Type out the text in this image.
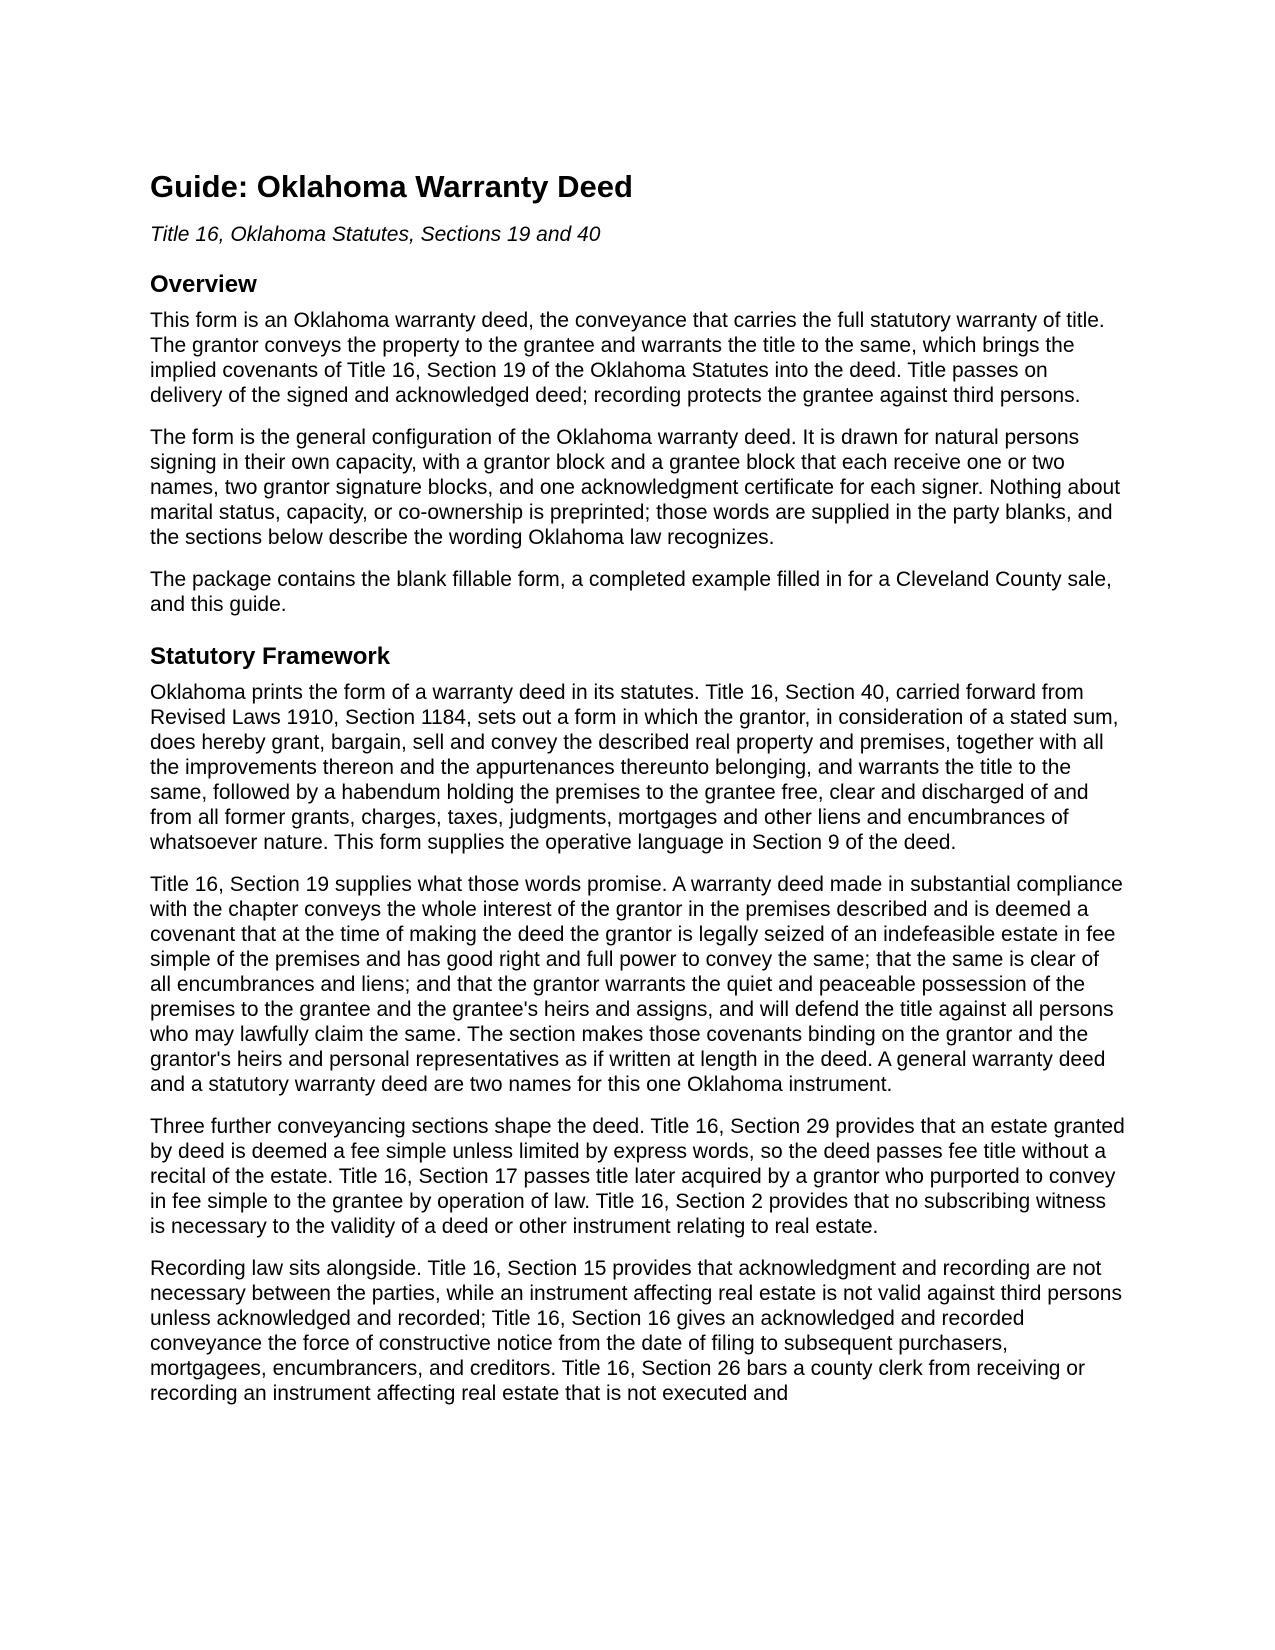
Guide: Oklahoma Warranty Deed
Title 16, Oklahoma Statutes, Sections 19 and 40
Overview

This form is an Oklahoma warranty deed, the conveyance that carries the full statutory warranty of title. The grantor conveys the property to the grantee and warrants the title to the same, which brings the implied covenants of Title 16, Section 19 of the Oklahoma Statutes into the deed. Title passes on delivery of the signed and acknowledged deed; recording protects the grantee against third persons.

The form is the general configuration of the Oklahoma warranty deed. It is drawn for natural persons signing in their own capacity, with a grantor block and a grantee block that each receive one or two names, two grantor signature blocks, and one acknowledgment certificate for each signer. Nothing about marital status, capacity, or co-ownership is preprinted; those words are supplied in the party blanks, and the sections below describe the wording Oklahoma law recognizes.

The package contains the blank fillable form, a completed example filled in for a Cleveland County sale, and this guide.

Statutory Framework

Oklahoma prints the form of a warranty deed in its statutes. Title 16, Section 40, carried forward from Revised Laws 1910, Section 1184, sets out a form in which the grantor, in consideration of a stated sum, does hereby grant, bargain, sell and convey the described real property and premises, together with all the improvements thereon and the appurtenances thereunto belonging, and warrants the title to the same, followed by a habendum holding the premises to the grantee free, clear and discharged of and from all former grants, charges, taxes, judgments, mortgages and other liens and encumbrances of whatsoever nature. This form supplies the operative language in Section 9 of the deed.

Title 16, Section 19 supplies what those words promise. A warranty deed made in substantial compliance with the chapter conveys the whole interest of the grantor in the premises described and is deemed a covenant that at the time of making the deed the grantor is legally seized of an indefeasible estate in fee simple of the premises and has good right and full power to convey the same; that the same is clear of all encumbrances and liens; and that the grantor warrants the quiet and peaceable possession of the premises to the grantee and the grantee's heirs and assigns, and will defend the title against all persons who may lawfully claim the same. The section makes those covenants binding on the grantor and the grantor's heirs and personal representatives as if written at length in the deed. A general warranty deed and a statutory warranty deed are two names for this one Oklahoma instrument.

Three further conveyancing sections shape the deed. Title 16, Section 29 provides that an estate granted by deed is deemed a fee simple unless limited by express words, so the deed passes fee title without a recital of the estate. Title 16, Section 17 passes title later acquired by a grantor who purported to convey in fee simple to the grantee by operation of law. Title 16, Section 2 provides that no subscribing witness is necessary to the validity of a deed or other instrument relating to real estate.

Recording law sits alongside. Title 16, Section 15 provides that acknowledgment and recording are not necessary between the parties, while an instrument affecting real estate is not valid against third persons unless acknowledged and recorded; Title 16, Section 16 gives an acknowledged and recorded conveyance the force of constructive notice from the date of filing to subsequent purchasers, mortgagees, encumbrancers, and creditors. Title 16, Section 26 bars a county clerk from receiving or recording an instrument affecting real estate that is not executed and
